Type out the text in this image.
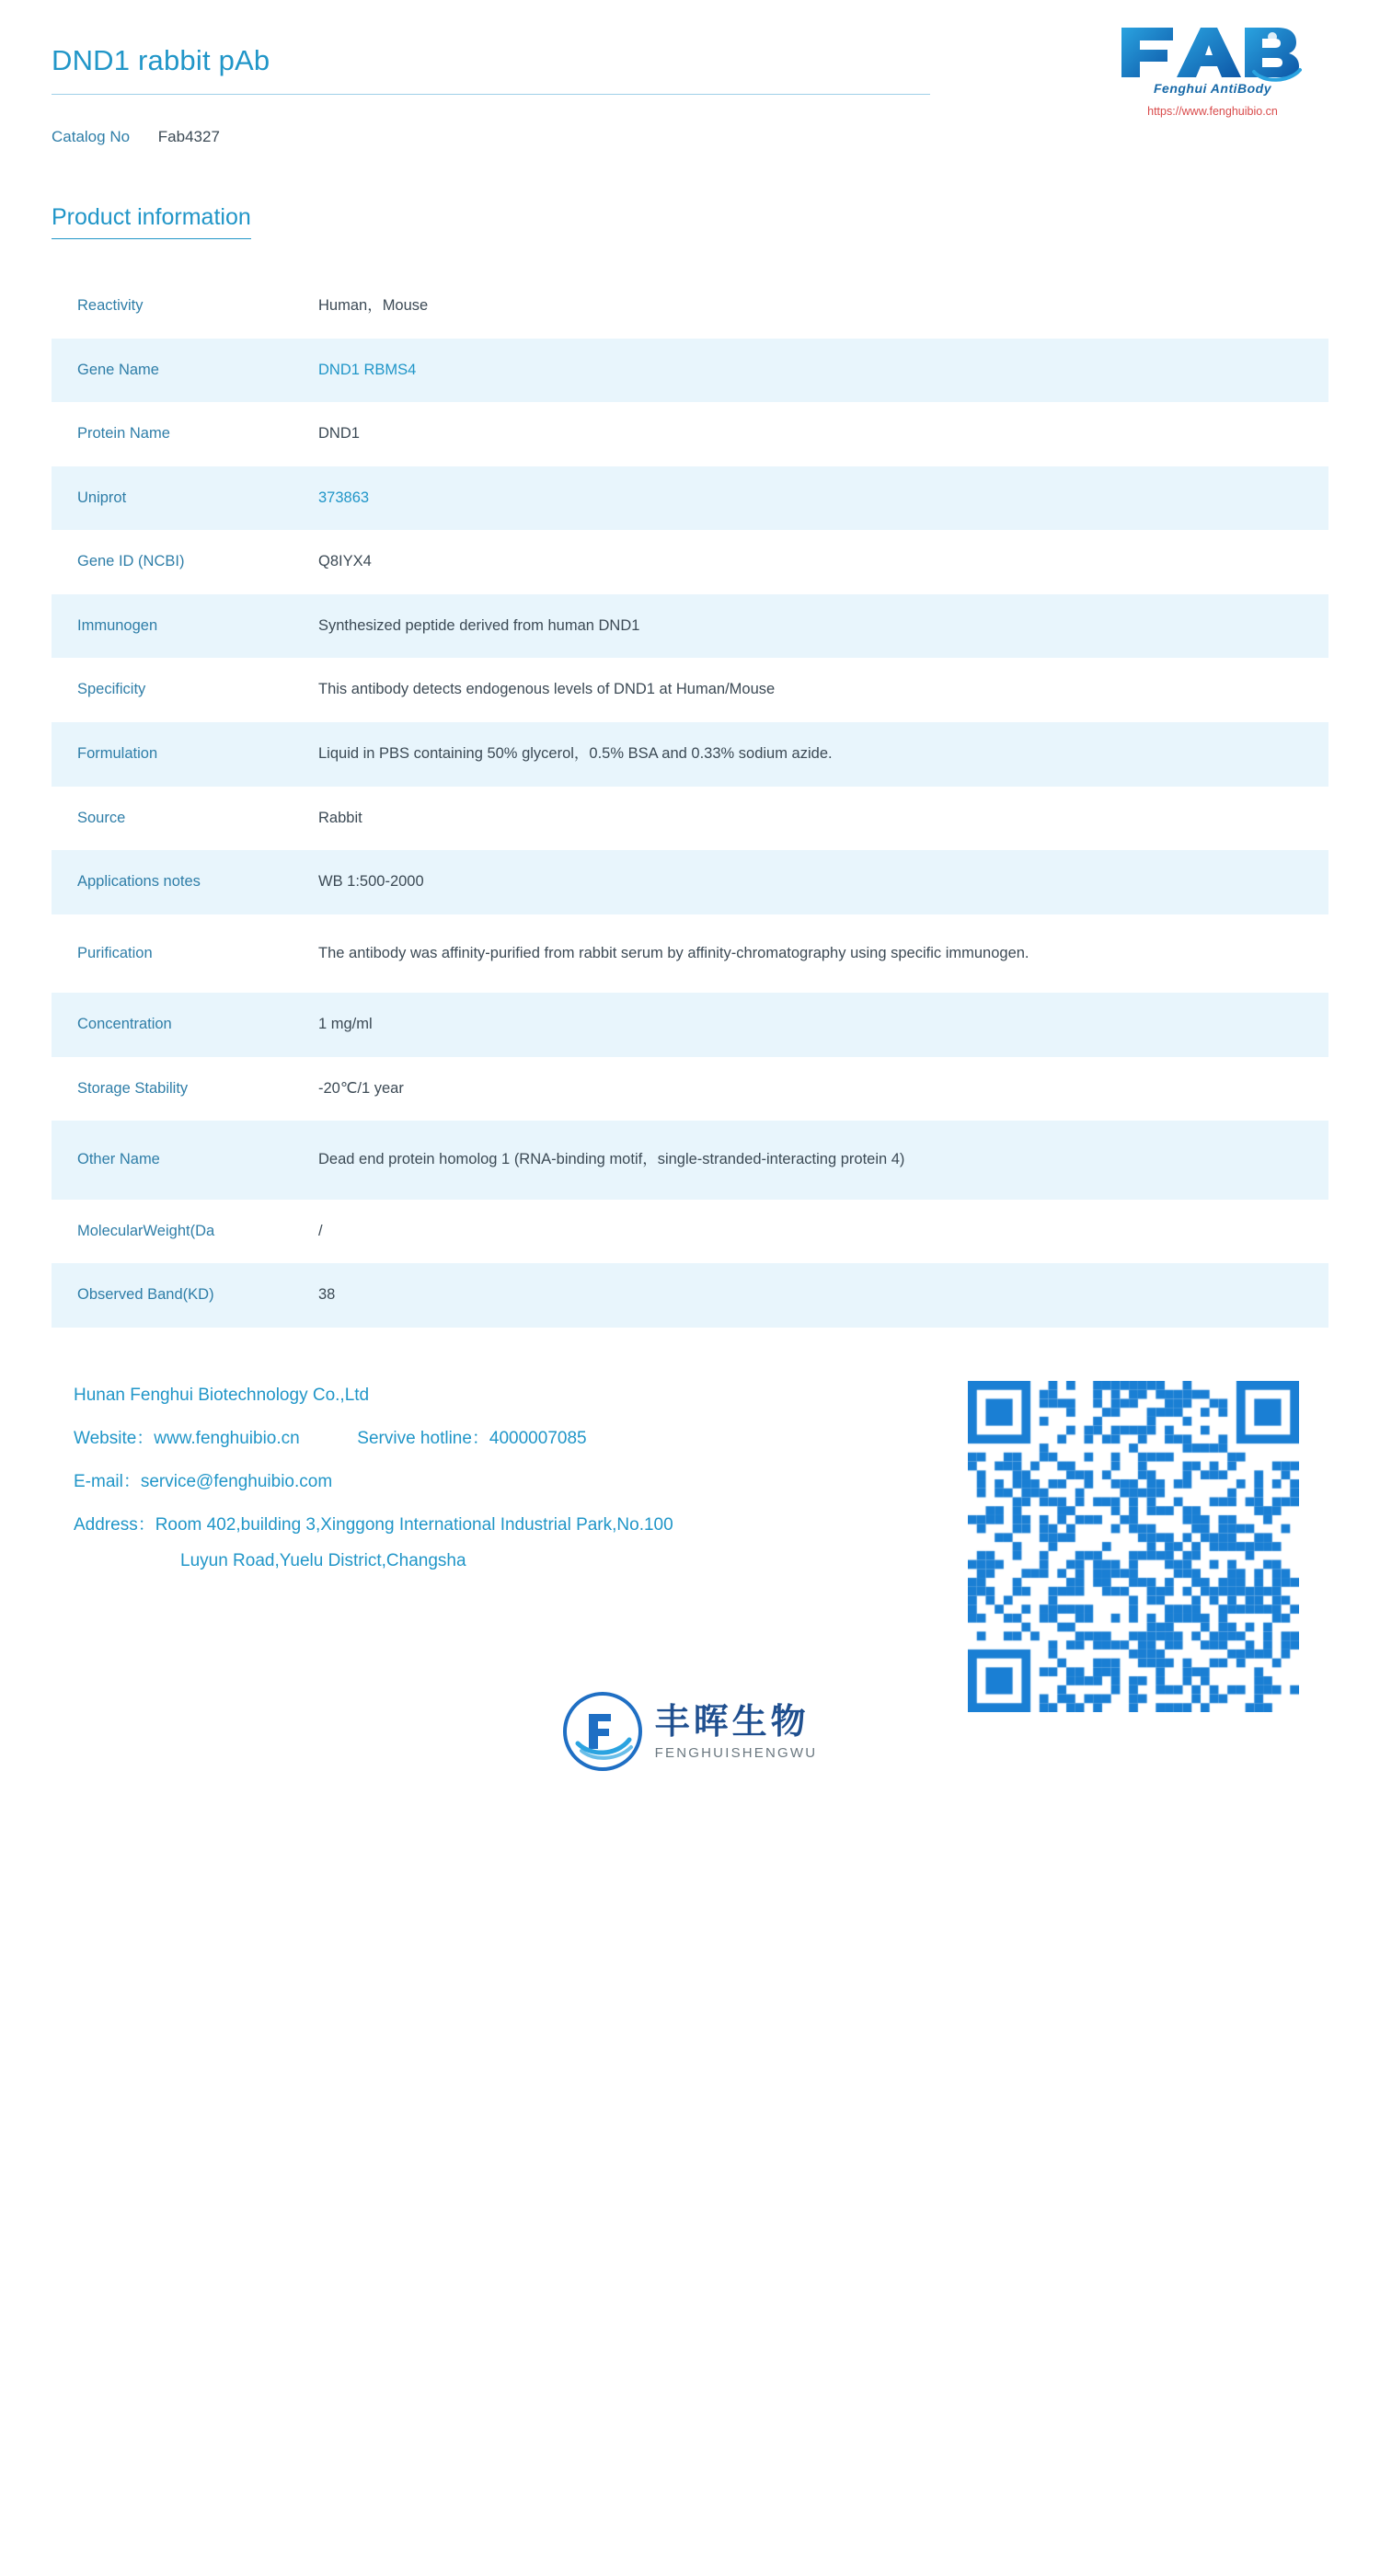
DND1 rabbit pAb
Catalog No Fab4327
Fenghui AntiBody
https://www.fenghuibio.cn
Product information
Reactivity	Human，Mouse
Gene Name	DND1 RBMS4
Protein Name	DND1
Uniprot	373863
Gene ID (NCBI)	Q8IYX4
Immunogen	Synthesized peptide derived from human DND1
Specificity	This antibody detects endogenous levels of DND1 at Human/Mouse
Formulation	Liquid in PBS containing 50% glycerol，0.5% BSA and 0.33% sodium azide.
Source	Rabbit
Applications notes	WB 1:500-2000
Purification	The antibody was affinity-purified from rabbit serum by affinity-chromatography using specific immunogen.
Concentration	1 mg/ml
Storage Stability	-20℃/1 year
Other Name	Dead end protein homolog 1 (RNA-binding motif，single-stranded-interacting protein 4)
MolecularWeight(Da	/
Observed Band(KD)	38
Hunan Fenghui Biotechnology Co.,Ltd
Website：www.fenghuibio.cn	Servive hotline：4000007085
E-mail：service@fenghuibio.com
Address：Room 402,building 3,Xinggong International Industrial Park,No.100
Luyun Road,Yuelu District,Changsha
丰晖生物
FENGHUISHENGWU
